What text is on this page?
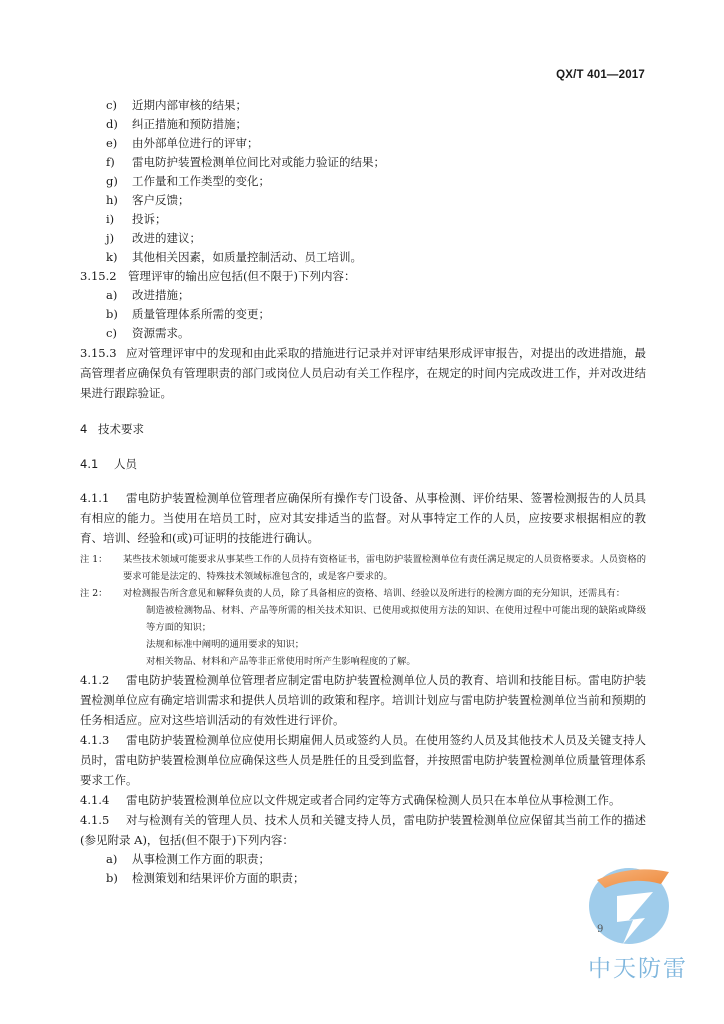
QX/T 401—2017
c) 近期内部审核的结果；
d) 纠正措施和预防措施；
e) 由外部单位进行的评审；
f) 雷电防护装置检测单位间比对或能力验证的结果；
g) 工作量和工作类型的变化；
h) 客户反馈；
i) 投诉；
j) 改进的建议；
k) 其他相关因素，如质量控制活动、员工培训。
3.15.2 管理评审的输出应包括(但不限于)下列内容：
a) 改进措施；
b) 质量管理体系所需的变更；
c) 资源需求。
3.15.3 应对管理评审中的发现和由此采取的措施进行记录并对评审结果形成评审报告，对提出的改进措施，最高管理者应确保负有管理职责的部门或岗位人员启动有关工作程序，在规定的时间内完成改进工作，并对改进结果进行跟踪验证。
4 技术要求
4.1 人员
4.1.1 雷电防护装置检测单位管理者应确保所有操作专门设备、从事检测、评价结果、签署检测报告的人员具有相应的能力。当使用在培员工时，应对其安排适当的监督。对从事特定工作的人员，应按要求根据相应的教育、培训、经验和(或)可证明的技能进行确认。
注 1： 某些技术领域可能要求从事某些工作的人员持有资格证书，雷电防护装置检测单位有责任满足规定的人员资格要求。人员资格的要求可能是法定的、特殊技术领域标准包含的，或是客户要求的。
注 2： 对检测报告所含意见和解释负责的人员，除了具备相应的资格、培训、经验以及所进行的检测方面的充分知识，还需具有：
制造被检测物品、材料、产品等所需的相关技术知识、已使用或拟使用方法的知识、在使用过程中可能出现的缺陷或降级等方面的知识；
法规和标准中阐明的通用要求的知识；
对相关物品、材料和产品等非正常使用时所产生影响程度的了解。
4.1.2 雷电防护装置检测单位管理者应制定雷电防护装置检测单位人员的教育、培训和技能目标。雷电防护装置检测单位应有确定培训需求和提供人员培训的政策和程序。培训计划应与雷电防护装置检测单位当前和预期的任务相适应。应对这些培训活动的有效性进行评价。
4.1.3 雷电防护装置检测单位应使用长期雇佣人员或签约人员。在使用签约人员及其他技术人员及关键支持人员时，雷电防护装置检测单位应确保这些人员是胜任的且受到监督，并按照雷电防护装置检测单位质量管理体系要求工作。
4.1.4 雷电防护装置检测单位应以文件规定或者合同约定等方式确保检测人员只在本单位从事检测工作。
4.1.5 对与检测有关的管理人员、技术人员和关键支持人员，雷电防护装置检测单位应保留其当前工作的描述(参见附录 A)，包括(但不限于)下列内容：
a) 从事检测工作方面的职责；
b) 检测策划和结果评价方面的职责；
9
中天防雷
